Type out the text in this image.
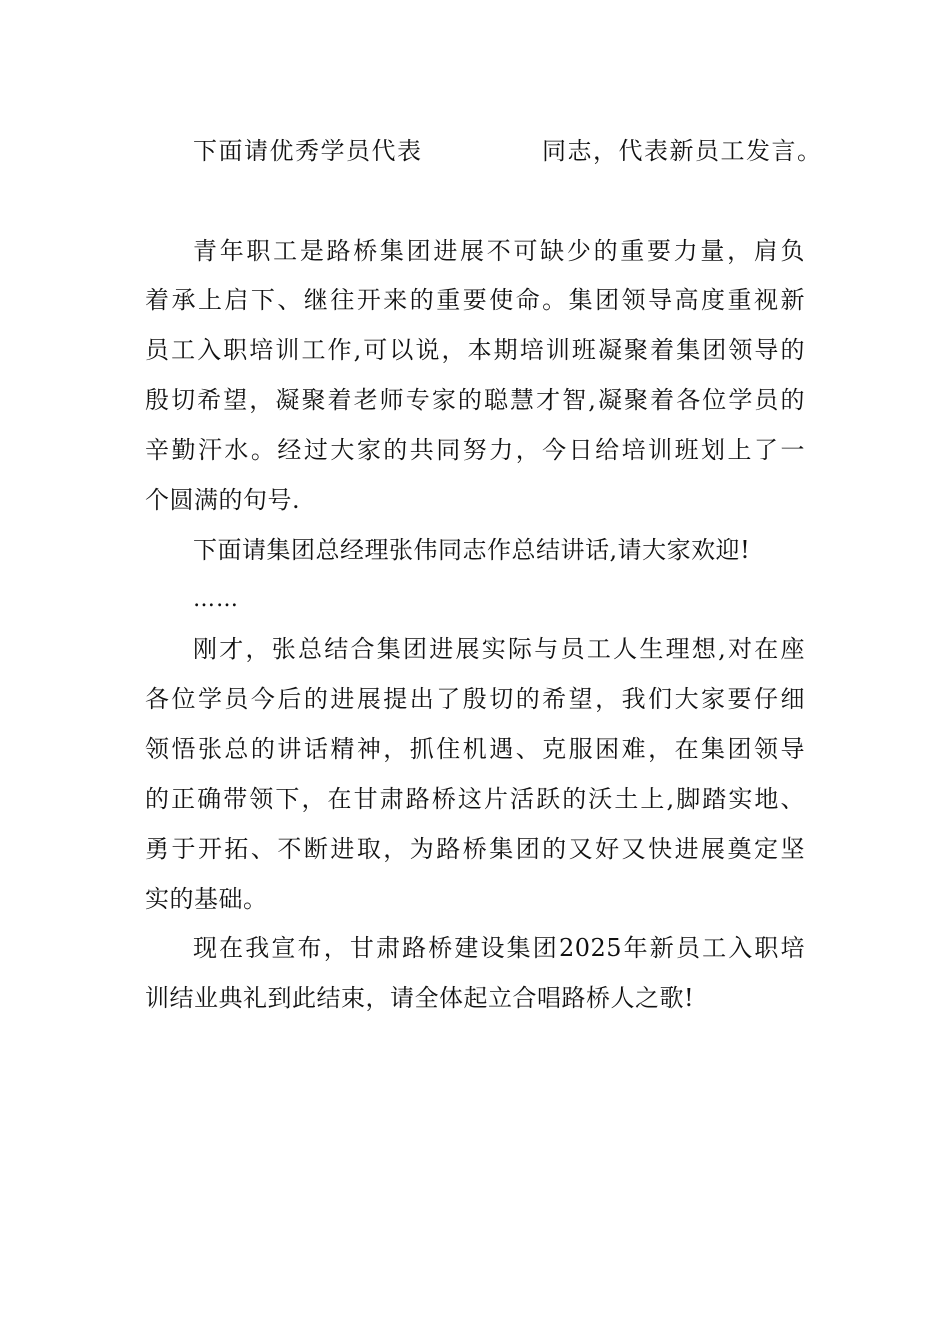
下面请优秀学员代表	同志，代表新员工发言。
青年职工是路桥集团进展不可缺少的重要力量，肩负
着承上启下、继往开来的重要使命。集团领导高度重视新
员工入职培训工作,可以说，本期培训班凝聚着集团领导的
殷切希望，凝聚着老师专家的聪慧才智,凝聚着各位学员的
辛勤汗水。经过大家的共同努力，今日给培训班划上了一
个圆满的句号.
下面请集团总经理张伟同志作总结讲话,请大家欢迎!
……
刚才，张总结合集团进展实际与员工人生理想,对在座
各位学员今后的进展提出了殷切的希望，我们大家要仔细
领悟张总的讲话精神，抓住机遇、克服困难，在集团领导
的正确带领下，在甘肃路桥这片活跃的沃土上,脚踏实地、
勇于开拓、不断进取，为路桥集团的又好又快进展奠定坚
实的基础。
现在我宣布，甘肃路桥建设集团2025年新员工入职培
训结业典礼到此结束，请全体起立合唱路桥人之歌!
